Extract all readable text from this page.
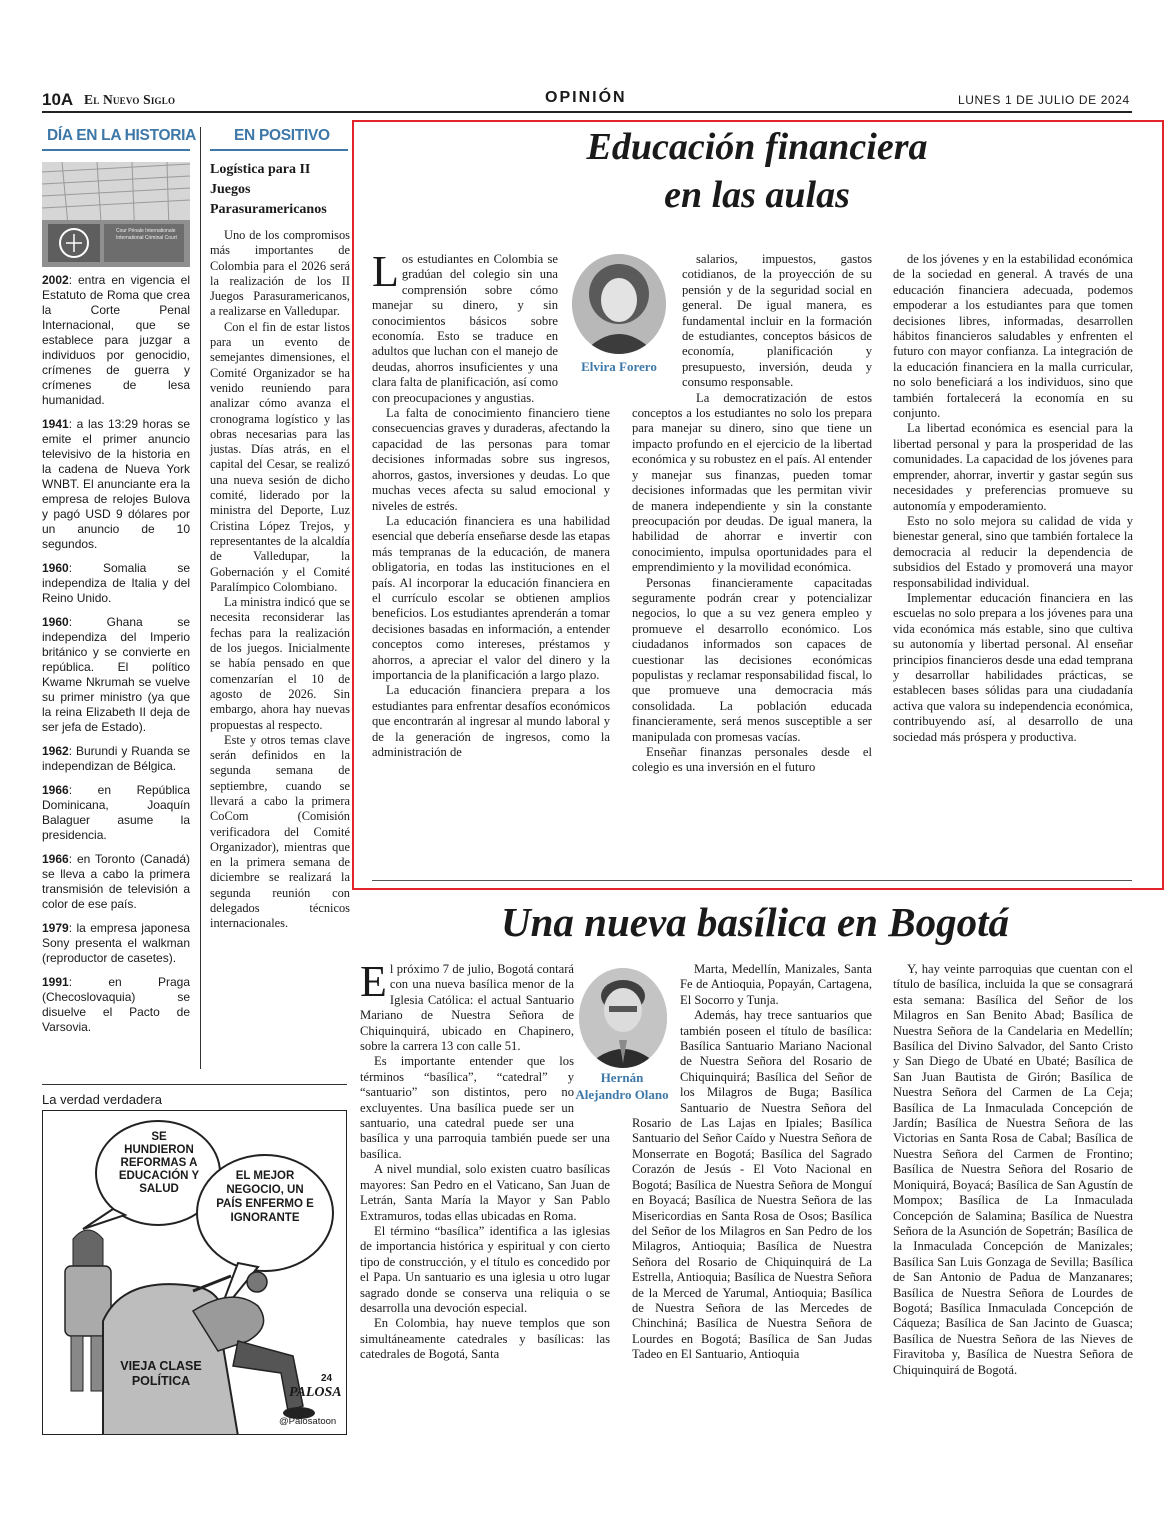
10A El Nuevo Siglo	OPINIÓN	LUNES 1 DE JULIO DE 2024
DÍA EN LA HISTORIA
Cour Pénale Internationale International Criminal Court

2002: entra en vigencia el Estatuto de Roma que crea la Corte Penal Internacional, que se establece para juzgar a individuos por genocidio, crímenes de guerra y crímenes de lesa humanidad.

1941: a las 13:29 horas se emite el primer anuncio televisivo de la historia en la cadena de Nueva York WNBT. El anunciante era la empresa de relojes Bulova y pagó USD 9 dólares por un anuncio de 10 segundos.

1960: Somalia se independiza de Italia y del Reino Unido.

1960: Ghana se independiza del Imperio británico y se convierte en república. El político Kwame Nkrumah se vuelve su primer ministro (ya que la reina Elizabeth II deja de ser jefa de Estado).

1962: Burundi y Ruanda se independizan de Bélgica.

1966: en República Dominicana, Joaquín Balaguer asume la presidencia.

1966: en Toronto (Canadá) se lleva a cabo la primera transmisión de televisión a color de ese país.

1979: la empresa japonesa Sony presenta el walkman (reproductor de casetes).

1991: en Praga (Checoslovaquia) se disuelve el Pacto de Varsovia.

EN POSITIVO
Logística para II Juegos Parasuramericanos

Uno de los compromisos más importantes de Colombia para el 2026 será la realización de los II Juegos Parasuramericanos, a realizarse en Valledupar.

Con el fin de estar listos para un evento de semejantes dimensiones, el Comité Organizador se ha venido reuniendo para analizar cómo avanza el cronograma logístico y las obras necesarias para las justas. Días atrás, en el capital del Cesar, se realizó una nueva sesión de dicho comité, liderado por la ministra del Deporte, Luz Cristina López Trejos, y representantes de la alcaldía de Valledupar, la Gobernación y el Comité Paralímpico Colombiano.

La ministra indicó que se necesita reconsiderar las fechas para la realización de los juegos. Inicialmente se había pensado en que comenzarían el 10 de agosto de 2026. Sin embargo, ahora hay nuevas propuestas al respecto.

Este y otros temas clave serán definidos en la segunda semana de septiembre, cuando se llevará a cabo la primera CoCom (Comisión verificadora del Comité Organizador), mientras que en la primera semana de diciembre se realizará la segunda reunión con delegados técnicos internacionales.

Educación financiera
en las aulas
Elvira Forero

Los estudiantes en Colombia se gradúan del colegio sin una comprensión sobre cómo manejar su dinero, y sin conocimientos básicos sobre economía. Esto se traduce en adultos que luchan con el manejo de deudas, ahorros insuficientes y una clara falta de planificación, así como con preocupaciones y angustias.

La falta de conocimiento financiero tiene consecuencias graves y duraderas, afectando la capacidad de las personas para tomar decisiones informadas sobre sus ingresos, ahorros, gastos, inversiones y deudas. Lo que muchas veces afecta su salud emocional y niveles de estrés.

La educación financiera es una habilidad esencial que debería enseñarse desde las etapas más tempranas de la educación, de manera obligatoria, en todas las instituciones en el país. Al incorporar la educación financiera en el currículo escolar se obtienen amplios beneficios. Los estudiantes aprenderán a tomar decisiones basadas en información, a entender conceptos como intereses, préstamos y ahorros, a apreciar el valor del dinero y la importancia de la planificación a largo plazo.

La educación financiera prepara a los estudiantes para enfrentar desafíos económicos que encontrarán al ingresar al mundo laboral y de la generación de ingresos, como la administración de

salarios, impuestos, gastos cotidianos, de la proyección de su pensión y de la seguridad social en general. De igual manera, es fundamental incluir en la formación de estudiantes, conceptos básicos de economía, planificación y presupuesto, inversión, deuda y consumo responsable.

La democratización de estos conceptos a los estudiantes no solo los prepara para manejar su dinero, sino que tiene un impacto profundo en el ejercicio de la libertad económica y su robustez en el país. Al entender y manejar sus finanzas, pueden tomar decisiones informadas que les permitan vivir de manera independiente y sin la constante preocupación por deudas. De igual manera, la habilidad de ahorrar e invertir con conocimiento, impulsa oportunidades para el emprendimiento y la movilidad económica.

Personas financieramente capacitadas seguramente podrán crear y potencializar negocios, lo que a su vez genera empleo y promueve el desarrollo económico. Los ciudadanos informados son capaces de cuestionar las decisiones económicas populistas y reclamar responsabilidad fiscal, lo que promueve una democracia más consolidada. La población educada financieramente, será menos susceptible a ser manipulada con promesas vacías.

Enseñar finanzas personales desde el colegio es una inversión en el futuro

de los jóvenes y en la estabilidad económica de la sociedad en general. A través de una educación financiera adecuada, podemos empoderar a los estudiantes para que tomen decisiones libres, informadas, desarrollen hábitos financieros saludables y enfrenten el futuro con mayor confianza. La integración de la educación financiera en la malla curricular, no solo beneficiará a los individuos, sino que también fortalecerá la economía en su conjunto.

La libertad económica es esencial para la libertad personal y para la prosperidad de las comunidades. La capacidad de los jóvenes para emprender, ahorrar, invertir y gastar según sus necesidades y preferencias promueve su autonomía y empoderamiento.

Esto no solo mejora su calidad de vida y bienestar general, sino que también fortalece la democracia al reducir la dependencia de subsidios del Estado y promoverá una mayor responsabilidad individual.

Implementar educación financiera en las escuelas no solo prepara a los jóvenes para una vida económica más estable, sino que cultiva su autonomía y libertad personal. Al enseñar principios financieros desde una edad temprana y desarrollar habilidades prácticas, se establecen bases sólidas para una ciudadanía activa que valora su independencia económica, contribuyendo así, al desarrollo de una sociedad más próspera y productiva.

Una nueva basílica en Bogotá
Hernán Alejandro Olano

El próximo 7 de julio, Bogotá contará con una nueva basílica menor de la Iglesia Católica: el actual Santuario Mariano de Nuestra Señora de Chiquinquirá, ubicado en Chapinero, sobre la carrera 13 con calle 51.

Es importante entender que los términos “basílica”, “catedral” y “santuario” son distintos, pero no excluyentes. Una basílica puede ser un santuario, una catedral puede ser una basílica y una parroquia también puede ser una basílica.

A nivel mundial, solo existen cuatro basílicas mayores: San Pedro en el Vaticano, San Juan de Letrán, Santa María la Mayor y San Pablo Extramuros, todas ellas ubicadas en Roma.

El término “basílica” identifica a las iglesias de importancia histórica y espiritual y con cierto tipo de construcción, y el título es concedido por el Papa. Un santuario es una iglesia u otro lugar sagrado donde se conserva una reliquia o se desarrolla una devoción especial.

En Colombia, hay nueve templos que son simultáneamente catedrales y basílicas: las catedrales de Bogotá, Santa

Marta, Medellín, Manizales, Santa Fe de Antioquia, Popayán, Cartagena, El Socorro y Tunja.

Además, hay trece santuarios que también poseen el título de basílica: Basílica Santuario Mariano Nacional de Nuestra Señora del Rosario de Chiquinquirá; Basílica del Señor de los Milagros de Buga; Basílica Santuario de Nuestra Señora del Rosario de Las Lajas en Ipiales; Basílica Santuario del Señor Caído y Nuestra Señora de Monserrate en Bogotá; Basílica del Sagrado Corazón de Jesús - El Voto Nacional en Bogotá; Basílica de Nuestra Señora de Monguí en Boyacá; Basílica de Nuestra Señora de las Misericordias en Santa Rosa de Osos; Basílica del Señor de los Milagros en San Pedro de los Milagros, Antioquia; Basílica de Nuestra Señora del Rosario de Chiquinquirá de La Estrella, Antioquia; Basílica de Nuestra Señora de la Merced de Yarumal, Antioquia; Basílica de Nuestra Señora de las Mercedes de Chinchiná; Basílica de Nuestra Señora de Lourdes en Bogotá; Basílica de San Judas Tadeo en El Santuario, Antioquia

Y, hay veinte parroquias que cuentan con el título de basílica, incluida la que se consagrará esta semana: Basílica del Señor de los Milagros en San Benito Abad; Basílica de Nuestra Señora de la Candelaria en Medellín; Basílica del Divino Salvador, del Santo Cristo y San Diego de Ubaté en Ubaté; Basílica de San Juan Bautista de Girón; Basílica de Nuestra Señora del Carmen de La Ceja; Basílica de La Inmaculada Concepción de Jardín; Basílica de Nuestra Señora de las Victorias en Santa Rosa de Cabal; Basílica de Nuestra Señora del Carmen de Frontino; Basílica de Nuestra Señora del Rosario de Moniquirá, Boyacá; Basílica de San Agustín de Mompox; Basílica de La Inmaculada Concepción de Salamina; Basílica de Nuestra Señora de la Asunción de Sopetrán; Basílica de la Inmaculada Concepción de Manizales; Basílica San Luis Gonzaga de Sevilla; Basílica de San Antonio de Padua de Manzanares; Basílica de Nuestra Señora de Lourdes de Bogotá; Basílica Inmaculada Concepción de Cáqueza; Basílica de San Jacinto de Guasca; Basílica de Nuestra Señora de las Nieves de Firavitoba y, Basílica de Nuestra Señora de Chiquinquirá de Bogotá.

La verdad verdadera
SE HUNDIERON REFORMAS A EDUCACIÓN Y SALUD
EL MEJOR NEGOCIO, UN PAÍS ENFERMO E IGNORANTE
VIEJA CLASE POLÍTICA
PALOSA
24
@Palosatoon
